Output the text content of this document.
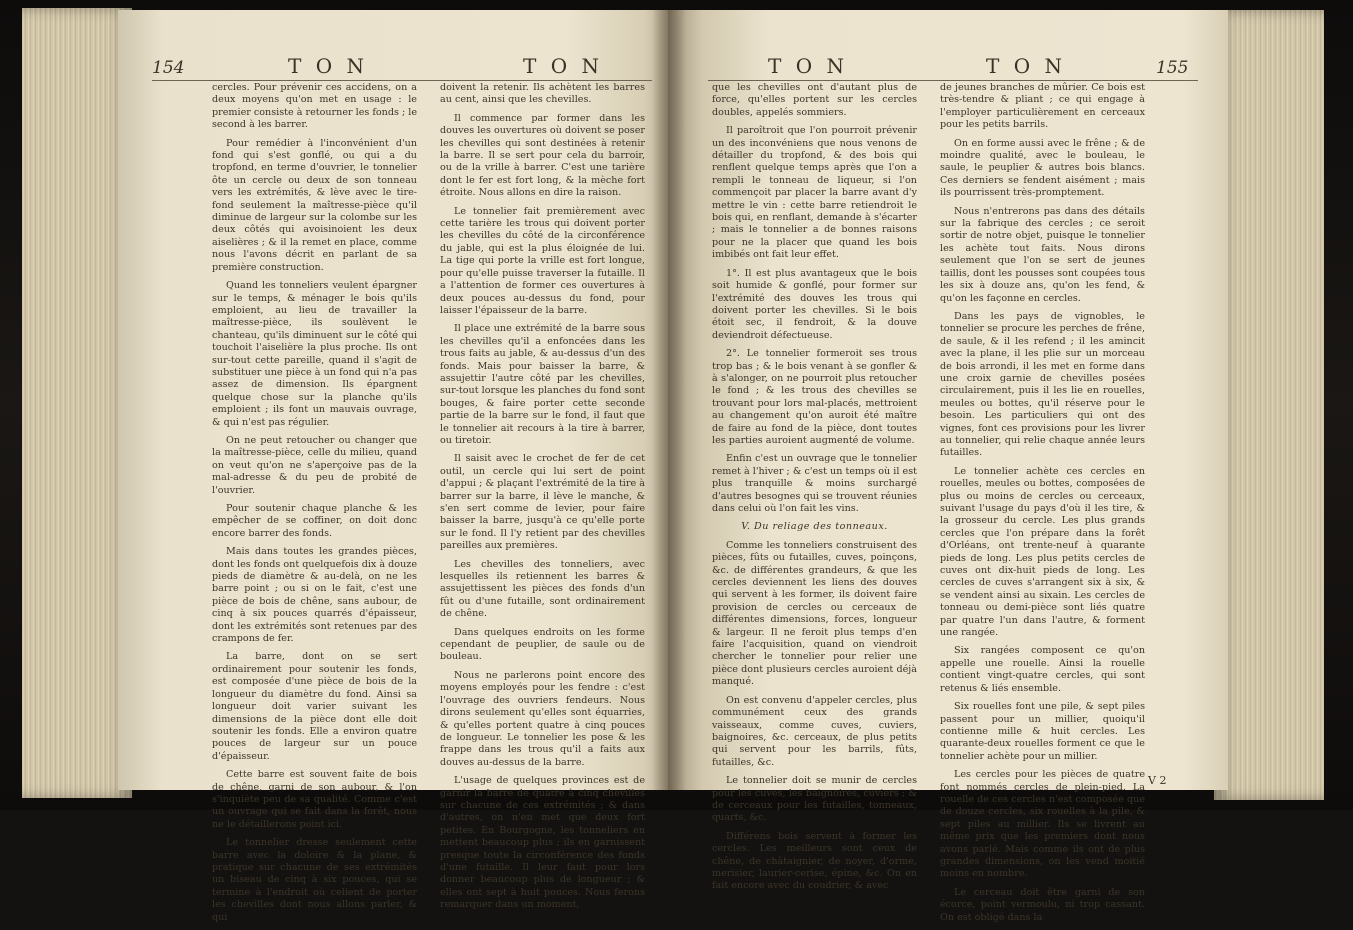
154	T O N	T O N

cercles. Pour prévenir ces accidens, on a deux moyens qu'on met en usage : le premier consiste à retourner les fonds ; le second à les barrer.

Pour remédier à l'inconvénient d'un fond qui s'est gonflé, ou qui a du tropfond, en terme d'ouvrier, le tonnelier ôte un cercle ou deux de son tonneau vers les extrémités, & lève avec le tire-fond seulement la maîtresse-pièce qu'il diminue de largeur sur la colombe sur les deux côtés qui avoisinoient les deux aiselières ; & il la remet en place, comme nous l'avons décrit en parlant de sa première construction.

Quand les tonneliers veulent épargner sur le temps, & ménager le bois qu'ils emploient, au lieu de travailler la maîtresse-pièce, ils soulèvent le chanteau, qu'ils diminuent sur le côté qui touchoit l'aiselière la plus proche. Ils ont sur-tout cette pareille, quand il s'agit de substituer une pièce à un fond qui n'a pas assez de dimension. Ils épargnent quelque chose sur la planche qu'ils emploient ; ils font un mauvais ouvrage, & qui n'est pas régulier.

On ne peut retoucher ou changer que la maîtresse-pièce, celle du milieu, quand on veut qu'on ne s'aperçoive pas de la mal-adresse & du peu de probité de l'ouvrier.

Pour soutenir chaque planche & les empêcher de se coffiner, on doit donc encore barrer des fonds.

Mais dans toutes les grandes pièces, dont les fonds ont quelquefois dix à douze pieds de diamètre & au-delà, on ne les barre point ; ou si on le fait, c'est une pièce de bois de chêne, sans aubour, de cinq à six pouces quarrés d'épaisseur, dont les extrémités sont retenues par des crampons de fer.

La barre, dont on se sert ordinairement pour soutenir les fonds, est composée d'une pièce de bois de la longueur du diamètre du fond. Ainsi sa longueur doit varier suivant les dimensions de la pièce dont elle doit soutenir les fonds. Elle a environ quatre pouces de largeur sur un pouce d'épaisseur.

Cette barre est souvent faite de bois de chêne, garni de son aubour, & l'on s'inquiète peu de sa qualité. Comme c'est un ouvrage qui se fait dans la forêt, nous ne le détaillerons point ici.

Le tonnelier dresse seulement cette barre avec la doloire & la plane, & pratique sur chacune de ses extrémités un biseau de cinq à six pouces, qui se termine à l'endroit où celient de porter les chevilles dont nous allons parler, & qui

doivent la retenir. Ils achètent les barres au cent, ainsi que les chevilles.

Il commence par former dans les douves les ouvertures où doivent se poser les chevilles qui sont destinées à retenir la barre. Il se sert pour cela du barroir, ou de la vrille à barrer. C'est une tarière dont le fer est fort long, & la mèche fort étroite. Nous allons en dire la raison.

Le tonnelier fait premièrement avec cette tarière les trous qui doivent porter les chevilles du côté de la circonférence du jable, qui est la plus éloignée de lui. La tige qui porte la vrille est fort longue, pour qu'elle puisse traverser la futaille. Il a l'attention de former ces ouvertures à deux pouces au-dessus du fond, pour laisser l'épaisseur de la barre.

Il place une extrémité de la barre sous les chevilles qu'il a enfoncées dans les trous faits au jable, & au-dessus d'un des fonds. Mais pour baisser la barre, & assujettir l'autre côté par les chevilles, sur-tout lorsque les planches du fond sont bouges, & faire porter cette seconde partie de la barre sur le fond, il faut que le tonnelier ait recours à la tire à barrer, ou tiretoir.

Il saisit avec le crochet de fer de cet outil, un cercle qui lui sert de point d'appui ; & plaçant l'extrémité de la tire à barrer sur la barre, il lève le manche, & s'en sert comme de levier, pour faire baisser la barre, jusqu'à ce qu'elle porte sur le fond. Il l'y retient par des chevilles pareilles aux premières.

Les chevilles des tonneliers, avec lesquelles ils retiennent les barres & assujettissent les pièces des fonds d'un fût ou d'une futaille, sont ordinairement de chêne.

Dans quelques endroits on les forme cependant de peuplier, de saule ou de bouleau.

Nous ne parlerons point encore des moyens employés pour les fendre : c'est l'ouvrage des ouvriers fendeurs. Nous dirons seulement qu'elles sont équarries, & qu'elles portent quatre à cinq pouces de longueur. Le tonnelier les pose & les frappe dans les trous qu'il a faits aux douves au-dessus de la barre.

L'usage de quelques provinces est de garnir la barre de quatre à cinq chevilles sur chacune de ces extrémités ; & dans d'autres, on n'en met que deux fort petites. En Bourgogne, les tonneliers en mettent beaucoup plus ; ils en garnissent presque toute la circonférence des fonds d'une futaille. Il leur faut pour lors donner beaucoup plus de longueur ; & elles ont sept à huit pouces. Nous ferons remarquer dans un moment,

T O N	T O N	155

que les chevilles ont d'autant plus de force, qu'elles portent sur les cercles doubles, appelés sommiers.

Il paroîtroit que l'on pourroit prévenir un des inconvéniens que nous venons de détailler du tropfond, & des bois qui renflent quelque temps après que l'on a rempli le tonneau de liqueur, si l'on commençoit par placer la barre avant d'y mettre le vin : cette barre retiendroit le bois qui, en renflant, demande à s'écarter ; mais le tonnelier a de bonnes raisons pour ne la placer que quand les bois imbibés ont fait leur effet.

1°. Il est plus avantageux que le bois soit humide & gonflé, pour former sur l'extrémité des douves les trous qui doivent porter les chevilles. Si le bois étoit sec, il fendroit, & la douve deviendroit défectueuse.

2°. Le tonnelier formeroit ses trous trop bas ; & le bois venant à se gonfler & à s'alonger, on ne pourroit plus retoucher le fond ; & les trous des chevilles se trouvant pour lors mal-placés, mettroient au changement qu'on auroit été maître de faire au fond de la pièce, dont toutes les parties auroient augmenté de volume.

Enfin c'est un ouvrage que le tonnelier remet à l'hiver ; & c'est un temps où il est plus tranquille & moins surchargé d'autres besognes qui se trouvent réunies dans celui où l'on fait les vins.

V. Du reliage des tonneaux.

Comme les tonneliers construisent des pièces, fûts ou futailles, cuves, poinçons, &c. de différentes grandeurs, & que les cercles deviennent les liens des douves qui servent à les former, ils doivent faire provision de cercles ou cerceaux de différentes dimensions, forces, longueur & largeur. Il ne feroit plus temps d'en faire l'acquisition, quand on viendroit chercher le tonnelier pour relier une pièce dont plusieurs cercles auroient déjà manqué.

On est convenu d'appeler cercles, plus communément ceux des grands vaisseaux, comme cuves, cuviers, baignoires, &c. cerceaux, de plus petits qui servent pour les barrils, fûts, futailles, &c.

Le tonnelier doit se munir de cercles pour les cuves, les baignoires, cuviers ; & de cerceaux pour les futailles, tonneaux, quarts, &c.

Différens bois servent à former les cercles. Les meilleurs sont ceux de chêne, de châtaignier, de noyer, d'orme, merisier, laurier-cerise, épine, &c. On en fait encore avec du coudrier, & avec

de jeunes branches de mûrier. Ce bois est très-tendre & pliant ; ce qui engage à l'employer particulièrement en cerceaux pour les petits barrils.

On en forme aussi avec le frêne ; & de moindre qualité, avec le bouleau, le saule, le peuplier & autres bois blancs. Ces derniers se fendent aisément ; mais ils pourrissent très-promptement.

Nous n'entrerons pas dans des détails sur la fabrique des cercles ; ce seroit sortir de notre objet, puisque le tonnelier les achète tout faits. Nous dirons seulement que l'on se sert de jeunes taillis, dont les pousses sont coupées tous les six à douze ans, qu'on les fend, & qu'on les façonne en cercles.

Dans les pays de vignobles, le tonnelier se procure les perches de frêne, de saule, & il les refend ; il les amincit avec la plane, il les plie sur un morceau de bois arrondi, il les met en forme dans une croix garnie de chevilles posées circulairement, puis il les lie en rouelles, meules ou bottes, qu'il réserve pour le besoin. Les particuliers qui ont des vignes, font ces provisions pour les livrer au tonnelier, qui relie chaque année leurs futailles.

Le tonnelier achète ces cercles en rouelles, meules ou bottes, composées de plus ou moins de cercles ou cerceaux, suivant l'usage du pays d'où il les tire, & la grosseur du cercle. Les plus grands cercles que l'on prépare dans la forêt d'Orléans, ont trente-neuf à quarante pieds de long. Les plus petits cercles de cuves ont dix-huit pieds de long. Les cercles de cuves s'arrangent six à six, & se vendent ainsi au sixain. Les cercles de tonneau ou demi-pièce sont liés quatre par quatre l'un dans l'autre, & forment une rangée.

Six rangées composent ce qu'on appelle une rouelle. Ainsi la rouelle contient vingt-quatre cercles, qui sont retenus & liés ensemble.

Six rouelles font une pile, & sept piles passent pour un millier, quoiqu'il contienne mille & huit cercles. Les quarante-deux rouelles forment ce que le tonnelier achète pour un millier.

Les cercles pour les pièces de quatre font nommés cercles de plein-pied. La rouelle de ces cercles n'est composée que de douze cercles, six rouelles à la pile, & sept piles au millier. Ils se livrent au même prix que les premiers dont nous avons parlé. Mais comme ils ont de plus grandes dimensions, on les vend moitié moins en nombre.

Le cerceau doit être garni de son écorce, point vermoulu, ni trop cassant. On est obligé dans la

V 2
